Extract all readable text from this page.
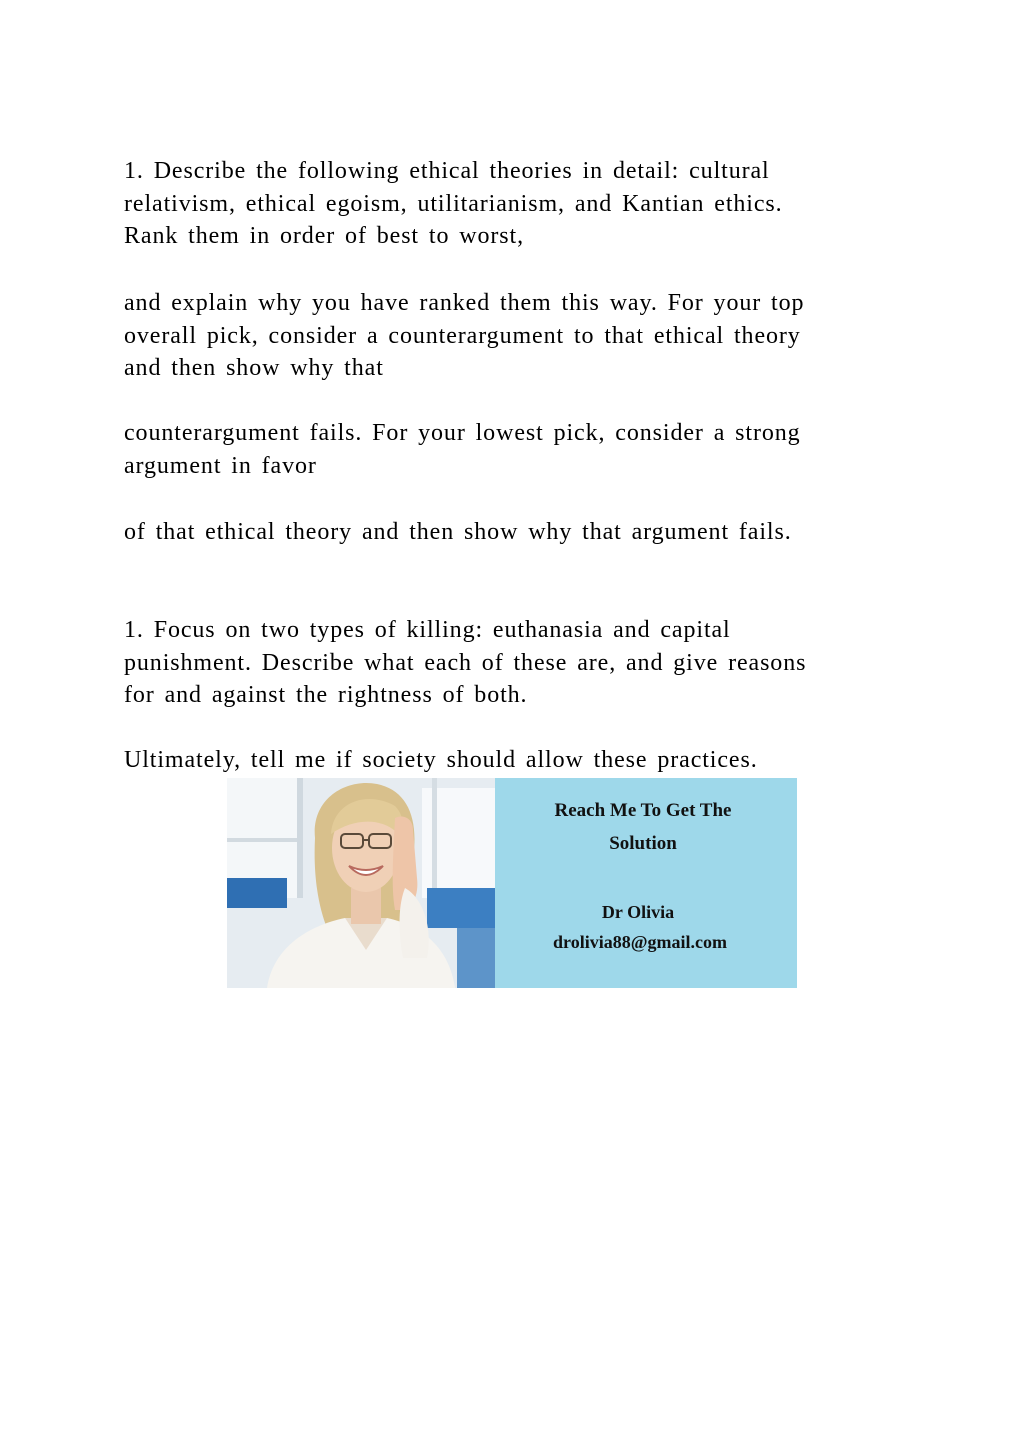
1. Describe the following ethical theories in detail: cultural
relativism, ethical egoism, utilitarianism, and Kantian ethics.
Rank them in order of best to worst,
and explain why you have ranked them this way. For your top
overall pick, consider a counterargument to that ethical theory
and then show why that
counterargument fails. For your lowest pick, consider a strong
argument in favor
of that ethical theory and then show why that argument fails.
1. Focus on two types of killing: euthanasia and capital
punishment. Describe what each of these are, and give reasons
for and against the rightness of both.
Ultimately, tell me if society should allow these practices.
Reach Me To Get The
Solution
Dr Olivia
drolivia88@gmail.com
